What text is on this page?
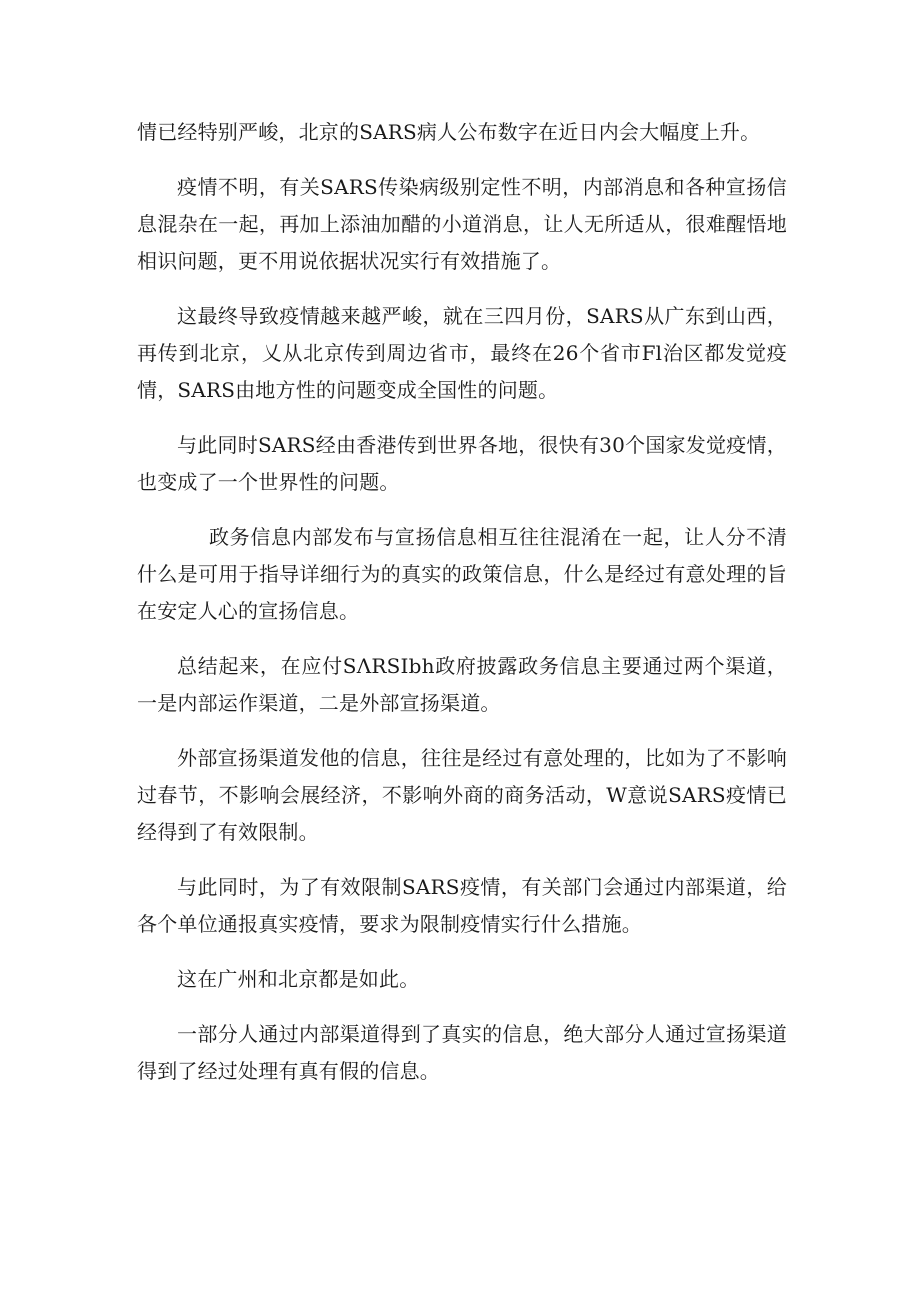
情已经特别严峻，北京的SARS病人公布数字在近日内会大幅度上升。

疫情不明，有关SARS传染病级别定性不明，内部消息和各种宣扬信息混杂在一起，再加上添油加醋的小道消息，让人无所适从，很难醒悟地相识问题，更不用说依据状况实行有效措施了。

这最终导致疫情越来越严峻，就在三四月份，SARS从广东到山西，再传到北京，乂从北京传到周边省市，最终在26个省市Fl治区都发觉疫情，SARS由地方性的问题变成全国性的问题。

与此同时SARS经由香港传到世界各地，很快有30个国家发觉疫情，也变成了一个世界性的问题。

政务信息内部发布与宣扬信息相互往往混淆在一起，让人分不清什么是可用于指导详细行为的真实的政策信息，什么是经过有意处理的旨在安定人心的宣扬信息。

总结起来，在应付SΛRSIbh政府披露政务信息主要通过两个渠道，一是内部运作渠道，二是外部宣扬渠道。

外部宣扬渠道发他的信息，往往是经过有意处理的，比如为了不影响过春节，不影响会展经济，不影响外商的商务活动，W意说SARS疫情已经得到了有效限制。

与此同时，为了有效限制SARS疫情，有关部门会通过内部渠道，给各个单位通报真实疫情，要求为限制疫情实行什么措施。

这在广州和北京都是如此。

一部分人通过内部渠道得到了真实的信息，绝大部分人通过宣扬渠道得到了经过处理有真有假的信息。
